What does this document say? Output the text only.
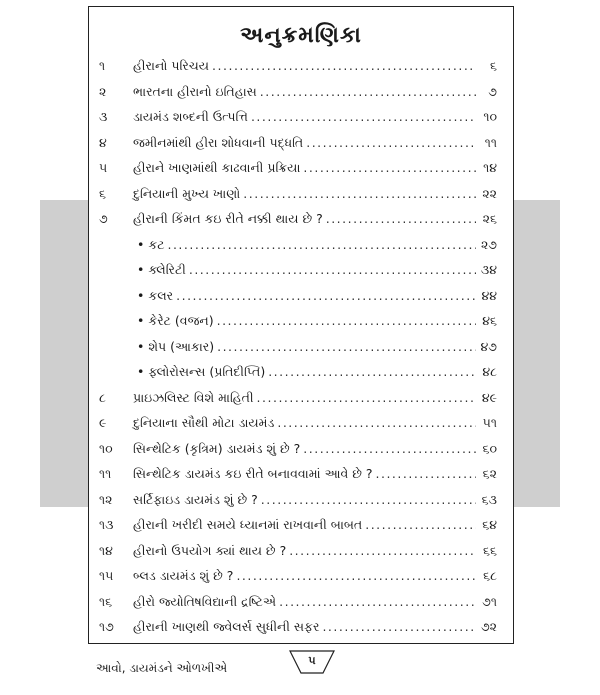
અનુક્રમણિકા
૧ હીરાનો પરિચય .....	૬
૨ ભારતના હીરાનો ઇતિહાસ .....	૭
૩ ડાયમંડ શબ્દની ઉત્પત્તિ .....	૧૦
૪ જમીનમાંથી હીરા શોધવાની પદ્ધતિ .....	૧૧
૫ હીરાને ખાણમાંથી કાઢવાની પ્રક્રિયા .....	૧૪
૬ દુનિયાની મુખ્ય ખાણો .....	૨૨
૭ હીરાની કિંમત કઇ રીતે નક્કી થાય છે ? .....	૨૬
• કટ .....	૨૭
• ક્લેરિટી .....	૩૪
• કલર .....	૪૪
• કેરેટ (વજન) .....	૪૬
• શેપ (આકાર) .....	૪૭
• ફ્લોરોસન્સ (પ્રતિદીપ્તિ) .....	૪૮
૮ પ્રાઇઝલિસ્ટ વિશે માહિતી .....	૪૯
૯ દુનિયાના સૌથી મોટા ડાયમંડ .....	૫૧
૧૦ સિન્થેટિક (કૃત્રિમ) ડાયમંડ શું છે ? .....	૬૦
૧૧ સિન્થેટિક ડાયમંડ કઇ રીતે બનાવવામાં આવે છે ? .....	૬૨
૧૨ સર્ટિફાઇડ ડાયમંડ શું છે ? .....	૬૩
૧૩ હીરાની ખરીદી સમયે ધ્યાનમાં રાખવાની બાબત .....	૬૪
૧૪ હીરાનો ઉપયોગ ક્યાં થાય છે ? .....	૬૬
૧૫ બ્લડ ડાયમંડ શું છે ? .....	૬૮
૧૬ હીરો જ્યોતિષવિદ્યાની દ્રષ્ટિએ .....	૭૧
૧૭ હીરાની ખાણથી જ્વેલર્સ સુધીની સફર .....	૭૨
આવો, ડાયમંડને ઓળખીએ
૫
